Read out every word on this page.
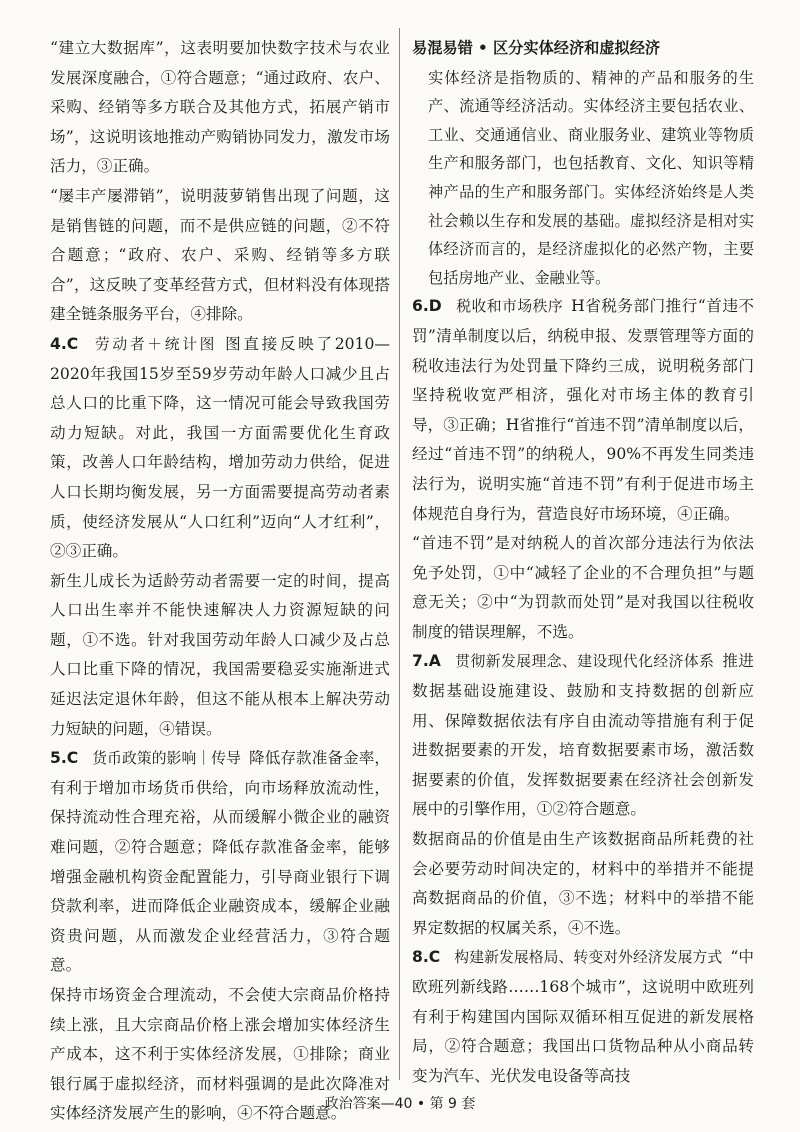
“建立大数据库”，这表明要加快数字技术与农业发展深度融合，①符合题意；“通过政府、农户、采购、经销等多方联合及其他方式，拓展产销市场”，这说明该地推动产购销协同发力，激发市场活力，③正确。

“屡丰产屡滞销”，说明菠萝销售出现了问题，这是销售链的问题，而不是供应链的问题，②不符合题意；“政府、农户、采购、经销等多方联合”，这反映了变革经营方式，但材料没有体现搭建全链条服务平台，④排除。

4.C 劳动者＋统计图 图直接反映了2010—2020年我国15岁至59岁劳动年龄人口减少且占总人口的比重下降，这一情况可能会导致我国劳动力短缺。对此，我国一方面需要优化生育政策，改善人口年龄结构，增加劳动力供给，促进人口长期均衡发展，另一方面需要提高劳动者素质，使经济发展从“人口红利”迈向“人才红利”，②③正确。

新生儿成长为适龄劳动者需要一定的时间，提高人口出生率并不能快速解决人力资源短缺的问题，①不选。针对我国劳动年龄人口减少及占总人口比重下降的情况，我国需要稳妥实施渐进式延迟法定退休年龄，但这不能从根本上解决劳动力短缺的问题，④错误。

5.C 货币政策的影响｜传导 降低存款准备金率，有利于增加市场货币供给，向市场释放流动性，保持流动性合理充裕，从而缓解小微企业的融资难问题，②符合题意；降低存款准备金率，能够增强金融机构资金配置能力，引导商业银行下调贷款利率，进而降低企业融资成本，缓解企业融资贵问题，从而激发企业经营活力，③符合题意。

保持市场资金合理流动，不会使大宗商品价格持续上涨，且大宗商品价格上涨会增加实体经济生产成本，这不利于实体经济发展，①排除；商业银行属于虚拟经济，而材料强调的是此次降准对实体经济发展产生的影响，④不符合题意。

易混易错 • 区分实体经济和虚拟经济

实体经济是指物质的、精神的产品和服务的生产、流通等经济活动。实体经济主要包括农业、工业、交通通信业、商业服务业、建筑业等物质生产和服务部门，也包括教育、文化、知识等精神产品的生产和服务部门。实体经济始终是人类社会赖以生存和发展的基础。虚拟经济是相对实体经济而言的，是经济虚拟化的必然产物，主要包括房地产业、金融业等。

6.D 税收和市场秩序 H省税务部门推行“首违不罚”清单制度以后，纳税申报、发票管理等方面的税收违法行为处罚量下降约三成，说明税务部门坚持税收宽严相济，强化对市场主体的教育引导，③正确；H省推行“首违不罚”清单制度以后，经过“首违不罚”的纳税人，90%不再发生同类违法行为，说明实施“首违不罚”有利于促进市场主体规范自身行为，营造良好市场环境，④正确。

“首违不罚”是对纳税人的首次部分违法行为依法免予处罚，①中“减轻了企业的不合理负担”与题意无关；②中“为罚款而处罚”是对我国以往税收制度的错误理解，不选。

7.A 贯彻新发展理念、建设现代化经济体系 推进数据基础设施建设、鼓励和支持数据的创新应用、保障数据依法有序自由流动等措施有利于促进数据要素的开发，培育数据要素市场，激活数据要素的价值，发挥数据要素在经济社会创新发展中的引擎作用，①②符合题意。

数据商品的价值是由生产该数据商品所耗费的社会必要劳动时间决定的，材料中的举措并不能提高数据商品的价值，③不选；材料中的举措不能界定数据的权属关系，④不选。

8.C 构建新发展格局、转变对外经济发展方式 “中欧班列新线路……168个城市”，这说明中欧班列有利于构建国内国际双循环相互促进的新发展格局，②符合题意；我国出口货物品种从小商品转变为汽车、光伏发电设备等高技

政治答案—40 • 第 9 套
